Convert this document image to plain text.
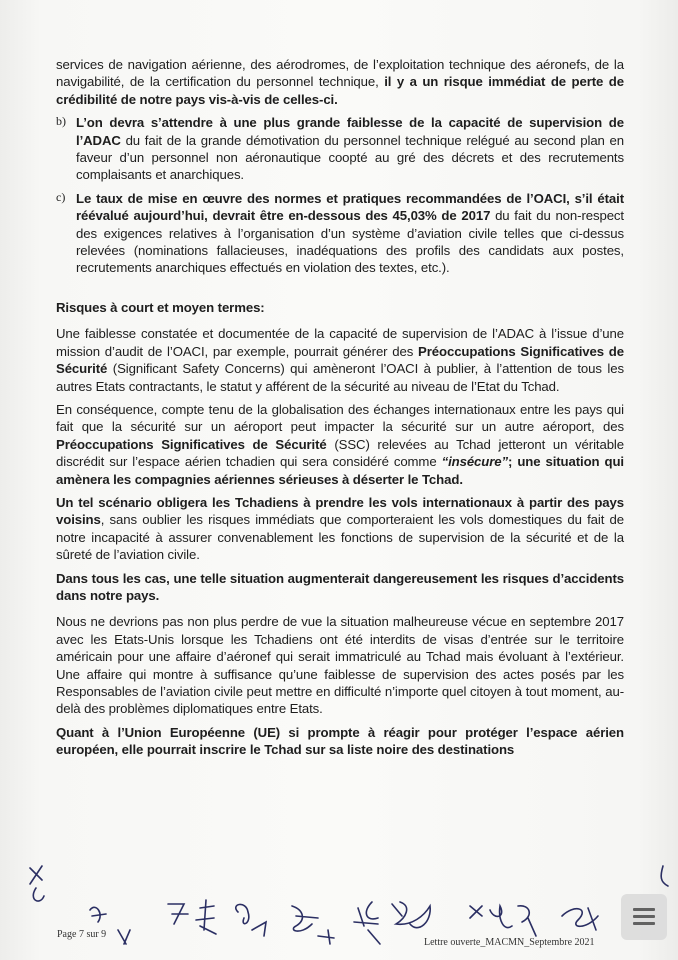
services de navigation aérienne, des aérodromes, de l’exploitation technique des aéronefs, de la navigabilité, de la certification du personnel technique, il y a un risque immédiat de perte de crédibilité de notre pays vis-à-vis de celles-ci.

b) L’on devra s’attendre à une plus grande faiblesse de la capacité de supervision de l’ADAC du fait de la grande démotivation du personnel technique relégué au second plan en faveur d’un personnel non aéronautique coopté au gré des décrets et des recrutements complaisants et anarchiques.

c) Le taux de mise en œuvre des normes et pratiques recommandées de l’OACI, s’il était réévalué aujourd’hui, devrait être en-dessous des 45,03% de 2017 du fait du non-respect des exigences relatives à l’organisation d’un système d’aviation civile telles que ci-dessus relevées (nominations fallacieuses, inadéquations des profils des candidats aux postes, recrutements anarchiques effectués en violation des textes, etc.).

Risques à court et moyen termes:

Une faiblesse constatée et documentée de la capacité de supervision de l’ADAC à l’issue d’une mission d’audit de l’OACI, par exemple, pourrait générer des Préoccupations Significatives de Sécurité (Significant Safety Concerns) qui amèneront l’OACI à publier, à l’attention de tous les autres Etats contractants, le statut y afférent de la sécurité au niveau de l’Etat du Tchad.

En conséquence, compte tenu de la globalisation des échanges internationaux entre les pays qui fait que la sécurité sur un aéroport peut impacter la sécurité sur un autre aéroport, des Préoccupations Significatives de Sécurité (SSC) relevées au Tchad jetteront un véritable discrédit sur l’espace aérien tchadien qui sera considéré comme “insécure”; une situation qui amènera les compagnies aériennes sérieuses à déserter le Tchad.

Un tel scénario obligera les Tchadiens à prendre les vols internationaux à partir des pays voisins, sans oublier les risques immédiats que comporteraient les vols domestiques du fait de notre incapacité à assurer convenablement les fonctions de supervision de la sécurité et de la sûreté de l’aviation civile.

Dans tous les cas, une telle situation augmenterait dangereusement les risques d’accidents dans notre pays.

Nous ne devrions pas non plus perdre de vue la situation malheureuse vécue en septembre 2017 avec les Etats-Unis lorsque les Tchadiens ont été interdits de visas d’entrée sur le territoire américain pour une affaire d’aéronef qui serait immatriculé au Tchad mais évoluant à l’extérieur. Une affaire qui montre à suffisance qu’une faiblesse de supervision des actes posés par les Responsables de l’aviation civile peut mettre en difficulté n’importe quel citoyen à tout moment, au-delà des problèmes diplomatiques entre Etats.

Quant à l’Union Européenne (UE) si prompte à réagir pour protéger l’espace aérien européen, elle pourrait inscrire le Tchad sur sa liste noire des destinations

Page 7 sur 9
Lettre ouverte_MACMN_Septembre 2021
